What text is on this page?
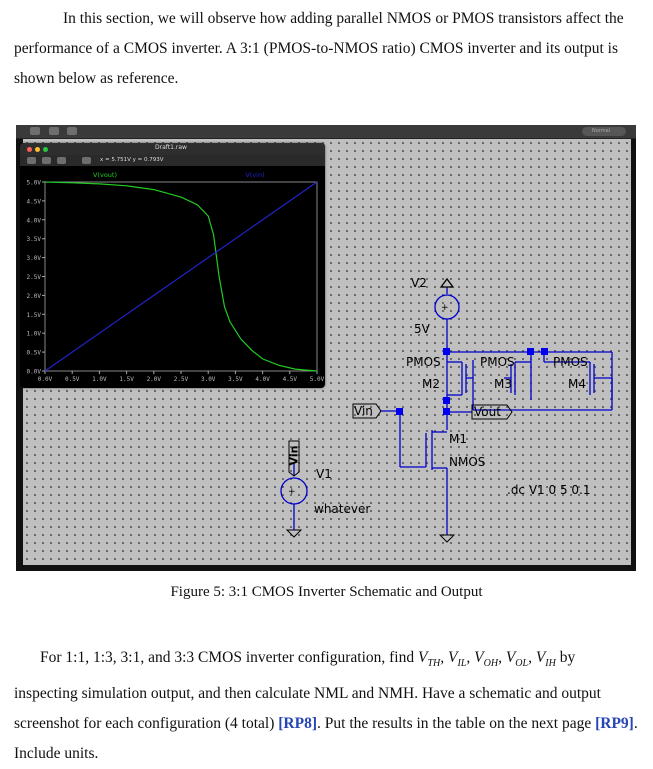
In this section, we will observe how adding parallel NMOS or PMOS transistors affect the performance of a CMOS inverter. A 3:1 (PMOS-to-NMOS ratio) CMOS inverter and its output is shown below as reference.
Normal
+
+
V2
5V
PMOS
M2
PMOS
M3
PMOS
M4
Vin	Vout
M1
NMOS
Vin
V1
whatever
.dc V1 0 5 0.1
Draft1.raw
x = 5.751V y = 0.793V
0.0V
0.5V
1.0V
1.5V
2.0V
2.5V
3.0V
3.5V
4.0V
4.5V
5.0V
0.0V 0.5V 1.0V 1.5V 2.0V 2.5V 3.0V 3.5V 4.0V 4.5V 5.0V
V(vout)	V(vin)
Figure 5: 3:1 CMOS Inverter Schematic and Output
For 1:1, 1:3, 3:1, and 3:3 CMOS inverter configuration, find $V_{TH}$, $V_{IL}$, $V_{OH}$, $V_{OL}$, $V_{IH}$ by inspecting simulation output, and then calculate NML and NMH. Have a schematic and output screenshot for each configuration (4 total) [RP8]. Put the results in the table on the next page [RP9]. Include units.
